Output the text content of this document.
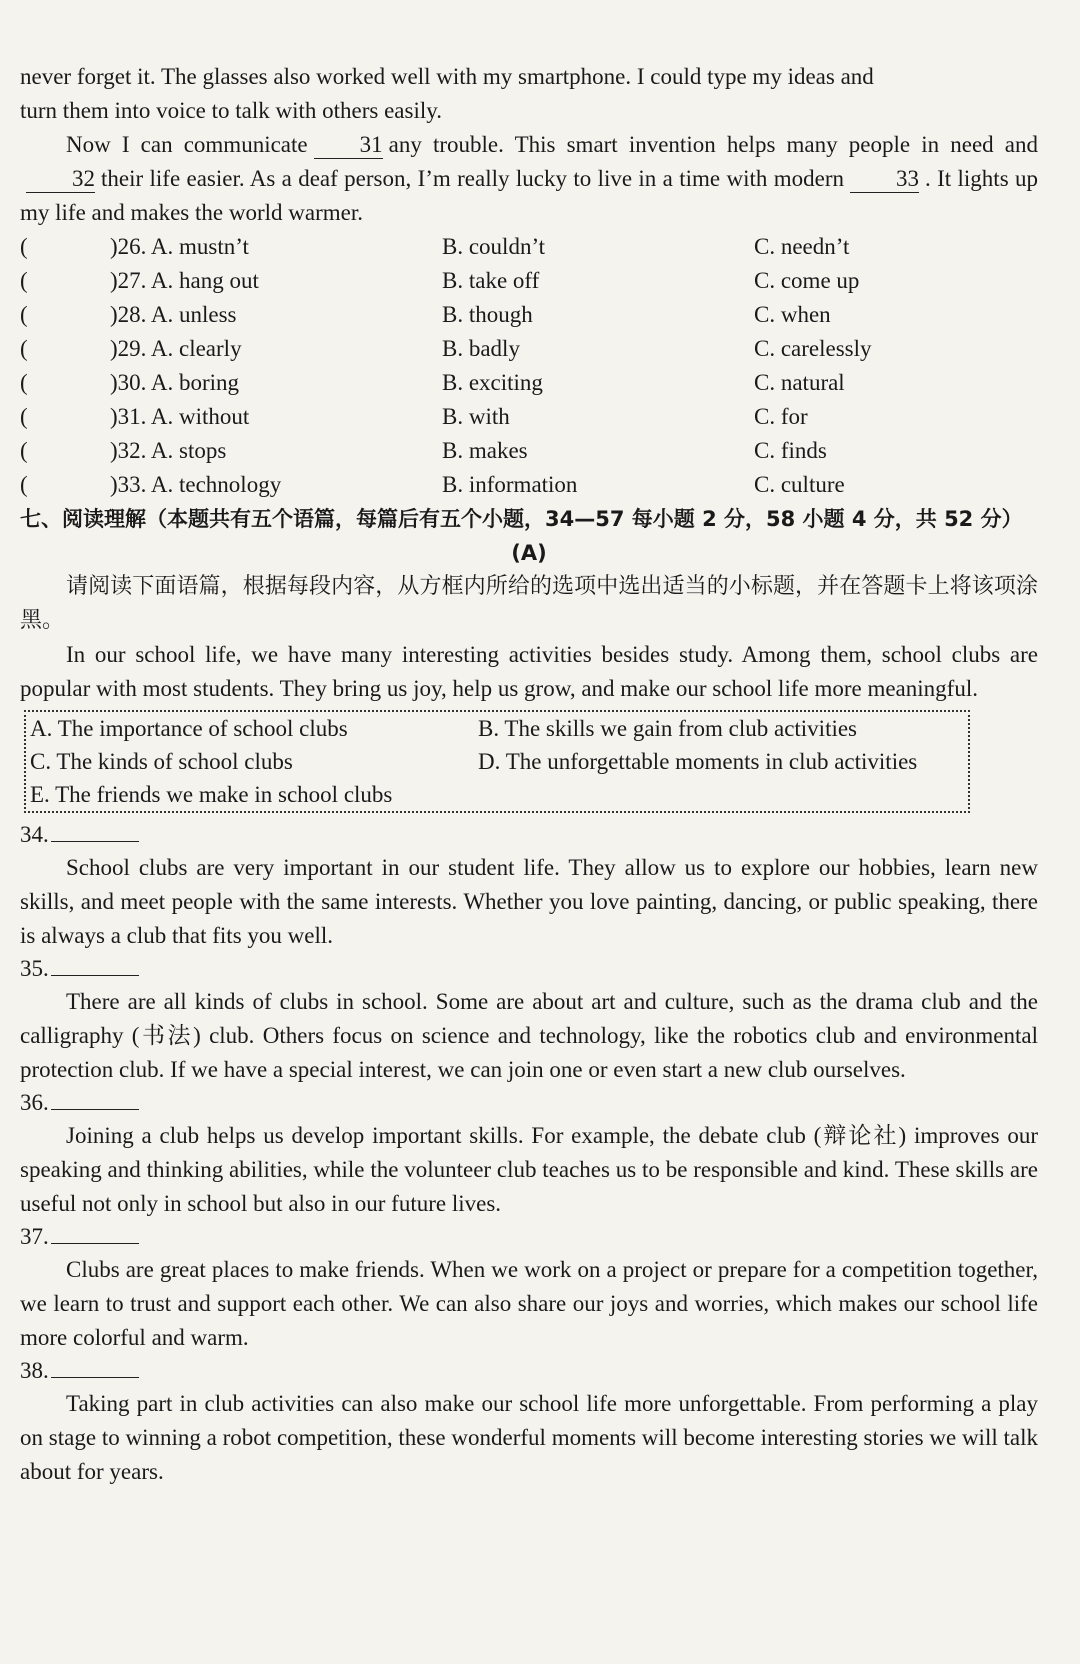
never forget it. The glasses also worked well with my smartphone. I could type my ideas and
turn them into voice to talk with others easily.

Now I can communicate 31 any trouble. This smart invention helps many people in need and32 their life easier. As a deaf person, I’m really lucky to live in a time with modern 33 . It lights up my life and makes the world warmer.

(	)26. A. mustn’t	B. couldn’t	C. needn’t
(	)27. A. hang out	B. take off	C. come up
(	)28. A. unless	B. though	C. when
(	)29. A. clearly	B. badly	C. carelessly
(	)30. A. boring	B. exciting	C. natural
(	)31. A. without	B. with	C. for
(	)32. A. stops	B. makes	C. finds
(	)33. A. technology	B. information	C. culture
七、阅读理解（本题共有五个语篇，每篇后有五个小题，34—57 每小题 2 分，58 小题 4 分，共 52 分）
(A)

请阅读下面语篇，根据每段内容，从方框内所给的选项中选出适当的小标题，并在答题卡上将该项涂黑。

In our school life, we have many interesting activities besides study. Among them, school clubs are popular with most students. They bring us joy, help us grow, and make our school life more meaningful.

A. The importance of school clubs	B. The skills we gain from club activities
C. The kinds of school clubs	D. The unforgettable moments in club activities
E. The friends we make in school clubs
34.

School clubs are very important in our student life. They allow us to explore our hobbies, learn new skills, and meet people with the same interests. Whether you love painting, dancing, or public speaking, there is always a club that fits you well.

35.

There are all kinds of clubs in school. Some are about art and culture, such as the drama club and the calligraphy (书法) club. Others focus on science and technology, like the robotics club and environmental protection club. If we have a special interest, we can join one or even start a new club ourselves.

36.

Joining a club helps us develop important skills. For example, the debate club (辩论社) improves our speaking and thinking abilities, while the volunteer club teaches us to be responsible and kind. These skills are useful not only in school but also in our future lives.

37.

Clubs are great places to make friends. When we work on a project or prepare for a competition together, we learn to trust and support each other. We can also share our joys and worries, which makes our school life more colorful and warm.

38.

Taking part in club activities can also make our school life more unforgettable. From performing a play on stage to winning a robot competition, these wonderful moments will become interesting stories we will talk about for years.
